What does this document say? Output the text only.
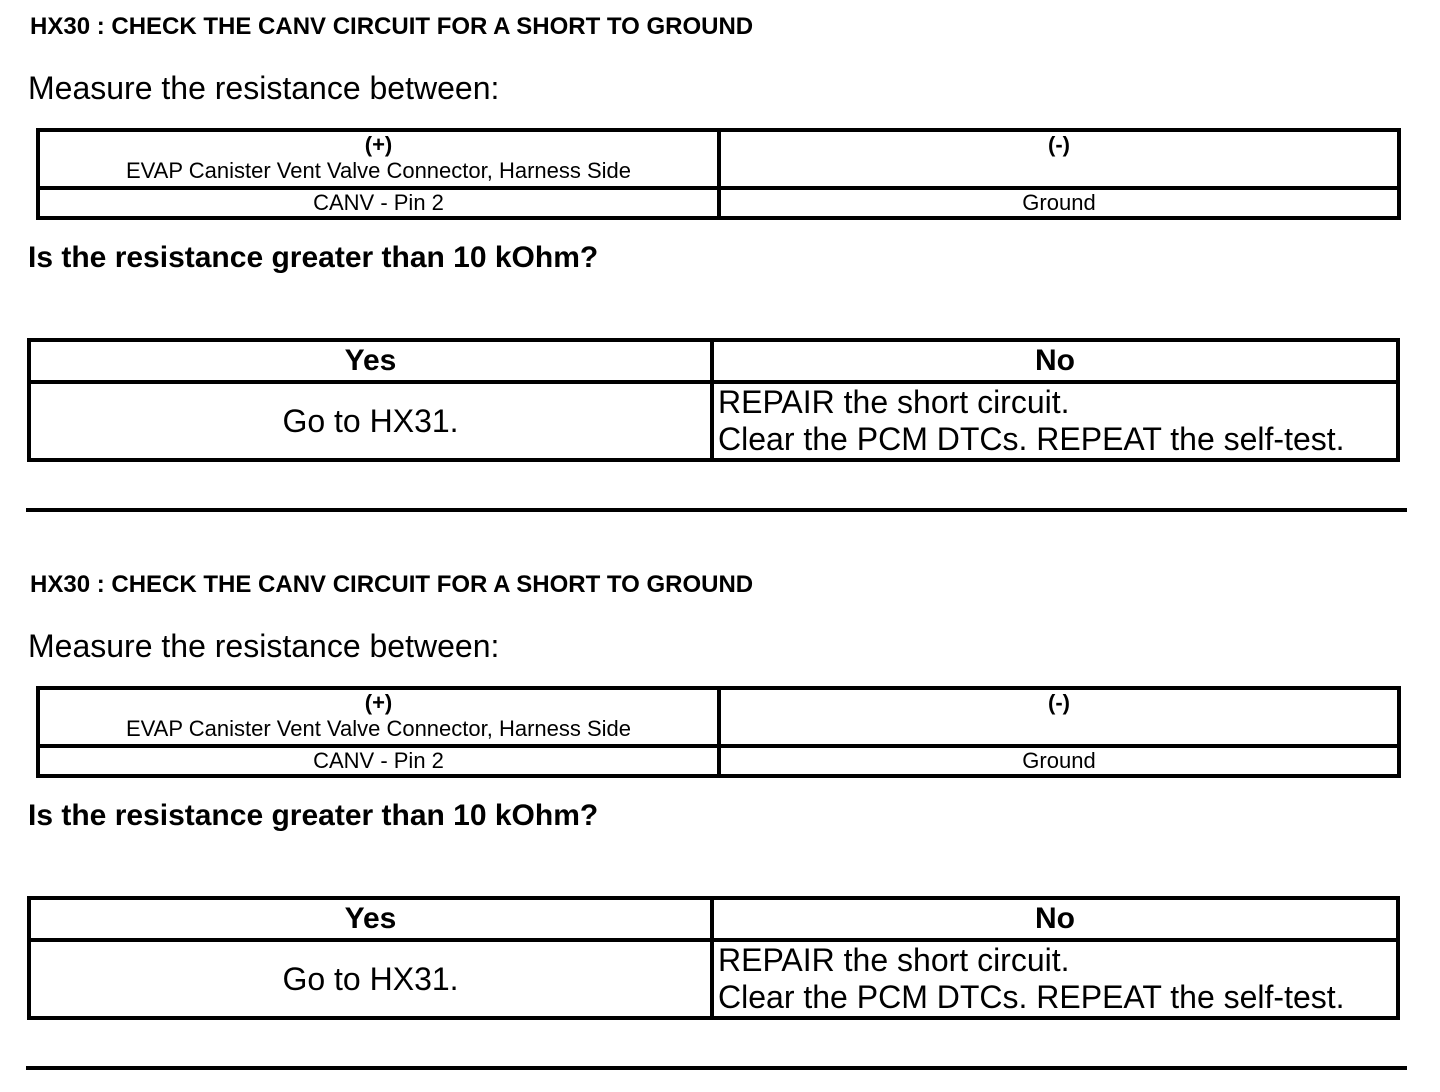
HX30 : CHECK THE CANV CIRCUIT FOR A SHORT TO GROUND
Measure the resistance between:
(+)
EVAP Canister Vent Valve Connector, Harness Side	(-)

CANV - Pin 2	Ground
Is the resistance greater than 10 kOhm?
Yes	No
Go to HX31.	REPAIR the short circuit.
Clear the PCM DTCs. REPEAT the self-test.
HX30 : CHECK THE CANV CIRCUIT FOR A SHORT TO GROUND
Measure the resistance between:
(+)
EVAP Canister Vent Valve Connector, Harness Side	(-)

CANV - Pin 2	Ground
Is the resistance greater than 10 kOhm?
Yes	No
Go to HX31.	REPAIR the short circuit.
Clear the PCM DTCs. REPEAT the self-test.
